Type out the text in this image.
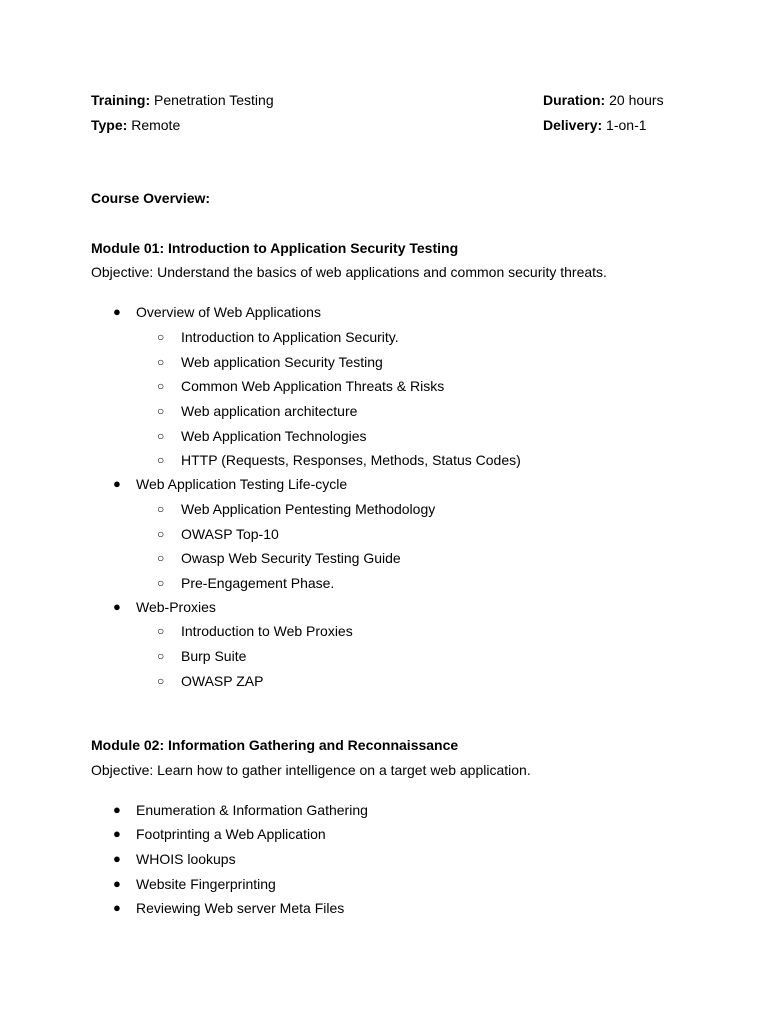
Training: Penetration Testing	Duration: 20 hours
Type: Remote	Delivery: 1-on-1
Course Overview:
Module 01: Introduction to Application Security Testing
Objective: Understand the basics of web applications and common security threats.
● Overview of Web Applications
○ Introduction to Application Security.
○ Web application Security Testing
○ Common Web Application Threats & Risks
○ Web application architecture
○ Web Application Technologies
○ HTTP (Requests, Responses, Methods, Status Codes)
● Web Application Testing Life-cycle
○ Web Application Pentesting Methodology
○ OWASP Top-10
○ Owasp Web Security Testing Guide
○ Pre-Engagement Phase.
● Web-Proxies
○ Introduction to Web Proxies
○ Burp Suite
○ OWASP ZAP
Module 02: Information Gathering and Reconnaissance
Objective: Learn how to gather intelligence on a target web application.
● Enumeration & Information Gathering
● Footprinting a Web Application
● WHOIS lookups
● Website Fingerprinting
● Reviewing Web server Meta Files
